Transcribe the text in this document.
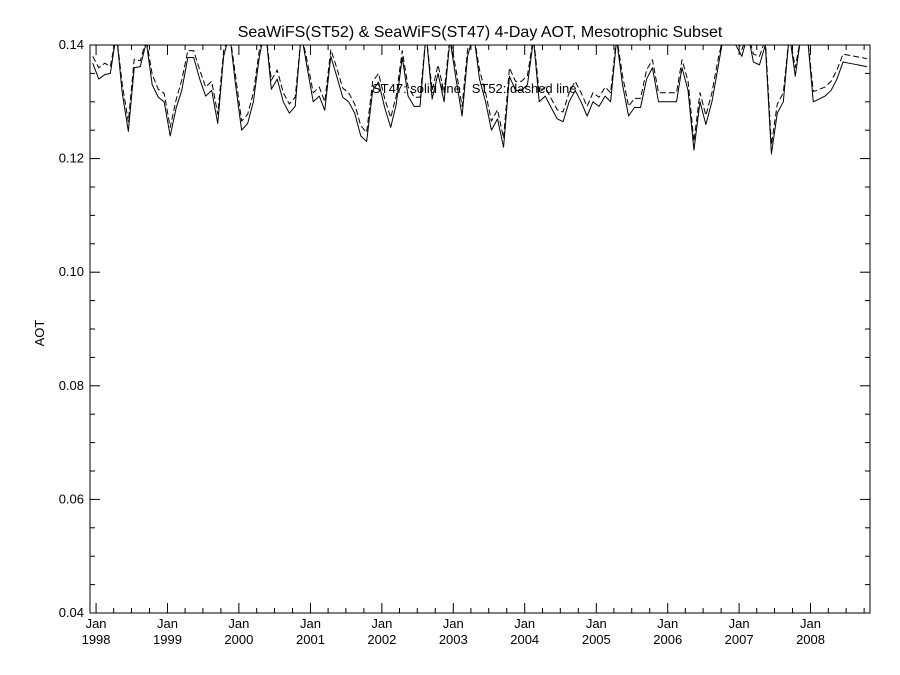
SeaWiFS(ST52) & SeaWiFS(ST47) 4-Day AOT, Mesotrophic Subset
AOT
0.04
0.06
0.08
0.10
0.12
0.14
Jan
1998
Jan
1999
Jan
2000
Jan
2001
Jan
2002
Jan
2003
Jan
2004
Jan
2005
Jan
2006
Jan
2007
Jan
2008
ST47: solid line   ST52: dashed line
